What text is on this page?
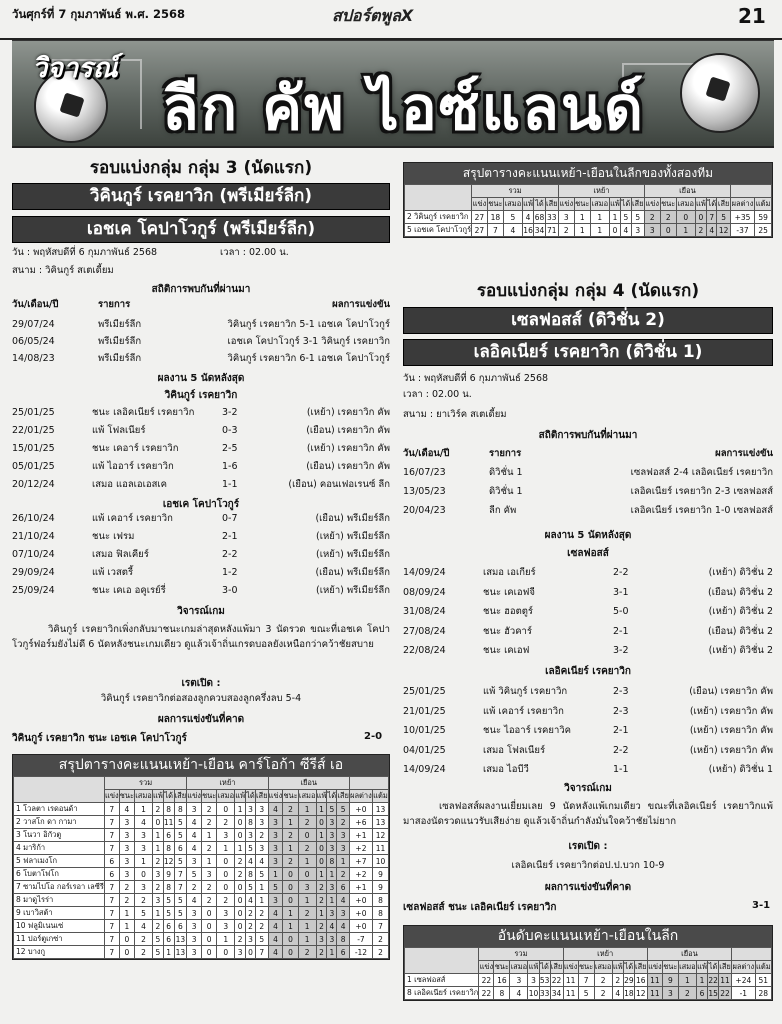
วันศุกร์ที่ 7 กุมภาพันธ์ พ.ศ. 2568	สปอร์ตพูลX	21
วิจารณ์
ลีก คัพ ไอซ์แลนด์
รอบแบ่งกลุ่ม กลุ่ม 3 (นัดแรก)
วิคินกูร์ เรคยาวิก (พรีเมียร์ลีก)
เอชเค โคปาโวกูร์ (พรีเมียร์ลีก)
วัน : พฤหัสบดีที่ 6 กุมภาพันธ์ 2568	เวลา : 02.00 น.
สนาม : วิคินกูร์ สเตเดี้ยม
สถิติการพบกันที่ผ่านมา
วัน/เดือน/ปี	รายการ	ผลการแข่งขัน
29/07/24	พรีเมียร์ลีก	วิคินกูร์ เรคยาวิก 5-1 เอชเค โคปาโวกูร์
06/05/24	พรีเมียร์ลีก	เอชเค โคปาโวกูร์ 3-1 วิคินกูร์ เรคยาวิก
14/08/23	พรีเมียร์ลีก	วิคินกูร์ เรคยาวิก 6-1 เอชเค โคปาโวกูร์
ผลงาน 5 นัดหลังสุด
วิคินกูร์ เรคยาวิก
25/01/25	ชนะ เลอิคเนียร์ เรคยาวิก	3-2	(เหย้า) เรคยาวิก คัพ
22/01/25	แพ้ โฟลเนียร์	0-3	(เยือน) เรคยาวิก คัพ
15/01/25	ชนะ เคอาร์ เรคยาวิก	2-5	(เหย้า) เรคยาวิก คัพ
05/01/25	แพ้ ไออาร์ เรคยาวิก	1-6	(เยือน) เรคยาวิก คัพ
20/12/24	เสมอ แอลเอเอสเค	1-1	(เยือน) คอนเฟอเรนซ์ ลีก
เอชเค โคปาโวกูร์
26/10/24	แพ้ เคอาร์ เรคยาวิก	0-7	(เยือน) พรีเมียร์ลีก
21/10/24	ชนะ เฟรม	2-1	(เหย้า) พรีเมียร์ลีก
07/10/24	เสมอ ฟิลเคียร์	2-2	(เหย้า) พรีเมียร์ลีก
29/09/24	แพ้ เวสตรี้	1-2	(เยือน) พรีเมียร์ลีก
25/09/24	ชนะ เคเอ อคูเรย์รี่	3-0	(เหย้า) พรีเมียร์ลีก
วิจารณ์เกม
วิคินกูร์ เรคยาวิกเพิ่งกลับมาชนะเกมล่าสุดหลังแพ้มา 3 นัดรวด ขณะที่เอชเค โคปาโวกูร์ฟอร์มยังไม่ดี 6 นัดหลังชนะเกมเดียว ดูแล้วเจ้าถิ่นเกรดบอลยังเหนือกว่าคว้าชัยสบาย
เรตเปิด :
วิคินกูร์ เรคยาวิกต่อสองลูกควบสองลูกครึ่งลบ 5-4
ผลการแข่งขันที่คาด
วิคินกูร์ เรคยาวิก ชนะ เอชเค โคปาโวกูร์	2-0
สรุปตารางคะแนนเหย้า-เยือนในลีกของทั้งสองทีม
	รวม						เหย้า						เยือน							
	แข่ง	ชนะ	เสมอ	แพ้	ได้	เสีย	แข่ง	ชนะ	เสมอ	แพ้	ได้	เสีย	แข่ง	ชนะ	เสมอ	แพ้	ได้	เสีย	ผลต่าง	แต้ม
2 วิคินกูร์ เรคยาวิก	27	18	5	4	68	33	3	1	1	1	5	5	2	2	0	0	7	5	+35	59
5 เอชเค โคปาโวกูร์	27	7	4	16	34	71	2	1	1	0	4	3	3	0	1	2	4	12	-37	25
รอบแบ่งกลุ่ม กลุ่ม 4 (นัดแรก)
เซลฟอสส์ (ดิวิชั่น 2)
เลอิคเนียร์ เรคยาวิก (ดิวิชั่น 1)
วัน : พฤหัสบดีที่ 6 กุมภาพันธ์ 2568
เวลา : 02.00 น.
สนาม : ยาเวิร์ค สเตเดี้ยม
สถิติการพบกันที่ผ่านมา
วัน/เดือน/ปี	รายการ	ผลการแข่งขัน
16/07/23	ดิวิชั่น 1	เซลฟอสส์ 2-4 เลอิคเนียร์ เรคยาวิก
13/05/23	ดิวิชั่น 1	เลอิคเนียร์ เรคยาวิก 2-3 เซลฟอสส์
20/04/23	ลีก คัพ	เลอิคเนียร์ เรคยาวิก 1-0 เซลฟอสส์
ผลงาน 5 นัดหลังสุด
เซลฟอสส์
14/09/24	เสมอ เอเกียร์	2-2	(เหย้า) ดิวิชั่น 2
08/09/24	ชนะ เคเอฟจี	3-1	(เยือน) ดิวิชั่น 2
31/08/24	ชนะ ฮอตตูร์	5-0	(เหย้า) ดิวิชั่น 2
27/08/24	ชนะ ฮัวคาร์	2-1	(เยือน) ดิวิชั่น 2
22/08/24	ชนะ เคเอฟ	3-2	(เหย้า) ดิวิชั่น 2
เลอิคเนียร์ เรคยาวิก
25/01/25	แพ้ วิคินกูร์ เรคยาวิก	2-3	(เยือน) เรคยาวิก คัพ
21/01/25	แพ้ เคอาร์ เรคยาวิก	2-3	(เหย้า) เรคยาวิก คัพ
10/01/25	ชนะ ไออาร์ เรคยาวิค	2-1	(เหย้า) เรคยาวิก คัพ
04/01/25	เสมอ โฟลเนียร์	2-2	(เหย้า) เรคยาวิก คัพ
14/09/24	เสมอ ไอบีวี	1-1	(เหย้า) ดิวิชั่น 1
วิจารณ์เกม
เซลฟอสส์ผลงานเยี่ยมเลย 9 นัดหลังแพ้เกมเดียว ขณะที่เลอิคเนียร์ เรคยาวิกแพ้มาสองนัดรวดแนวรับเสียง่าย ดูแล้วเจ้าถิ่นกำลังมั่นใจคว้าชัยไม่ยาก
เรตเปิด :
เลอิคเนียร์ เรคยาวิกต่อป.ป.บวก 10-9
ผลการแข่งขันที่คาด
เซลฟอสส์ ชนะ เลอิคเนียร์ เรคยาวิก	3-1
สรุปตารางคะแนนเหย้า-เยือน คาร์โอก้า ซีรีส์ เอ
	รวม						เหย้า						เยือน							
	แข่ง	ชนะ	เสมอ	แพ้	ได้	เสีย	แข่ง	ชนะ	เสมอ	แพ้	ได้	เสีย	แข่ง	ชนะ	เสมอ	แพ้	ได้	เสีย	ผลต่าง	แต้ม
1 โวลตา เรดอนด้า	7	4	1	2	8	8	3	2	0	1	3	3	4	2	1	1	5	5	+0	13
2 วาสโก ดา กามา	7	3	4	0	11	5	4	2	2	0	8	3	3	1	2	0	3	2	+6	13
3 โนวา อิกัวตู	7	3	3	1	6	5	4	1	3	0	3	2	3	2	0	1	3	3	+1	12
4 มาริก้า	7	3	3	1	8	6	4	2	1	1	5	3	3	1	2	0	3	3	+2	11
5 ฟลาเมงโก	6	3	1	2	12	5	3	1	0	2	4	4	3	2	1	0	8	1	+7	10
6 โบตาโฟโก	6	3	0	3	9	7	5	3	0	2	8	5	1	0	0	1	1	2	+2	9
7 ซามไปโอ กอร์เรอา เลซีรี	7	2	3	2	8	7	2	2	0	0	5	1	5	0	3	2	3	6	+1	9
8 มาดูไรร่า	7	2	2	3	5	5	4	2	2	0	4	1	3	0	1	2	1	4	+0	8
9 เบาวิสต้า	7	1	5	1	5	5	3	0	3	0	2	2	4	1	2	1	3	3	+0	8
10 ฟลูมิเนนเซ่	7	1	4	2	6	6	3	0	3	0	2	2	4	1	1	2	4	4	+0	7
11 ปอร์ตูเกซ่า	7	0	2	5	6	13	3	0	1	2	3	5	4	0	1	3	3	8	-7	2
12 บางกู	7	0	2	5	1	13	3	0	0	3	0	7	4	0	2	2	1	6	-12	2
อันดับคะแนนเหย้า-เยือนในลีก
	รวม						เหย้า						เยือน							
	แข่ง	ชนะ	เสมอ	แพ้	ได้	เสีย	แข่ง	ชนะ	เสมอ	แพ้	ได้	เสีย	แข่ง	ชนะ	เสมอ	แพ้	ได้	เสีย	ผลต่าง	แต้ม
1 เซลฟอสส์	22	16	3	3	53	22	11	7	2	2	29	16	11	9	1	1	22	11	+24	51
8 เลอิคเนียร์ เรคยาวิก	22	8	4	10	33	34	11	5	2	4	18	12	11	3	2	6	15	22	-1	28
